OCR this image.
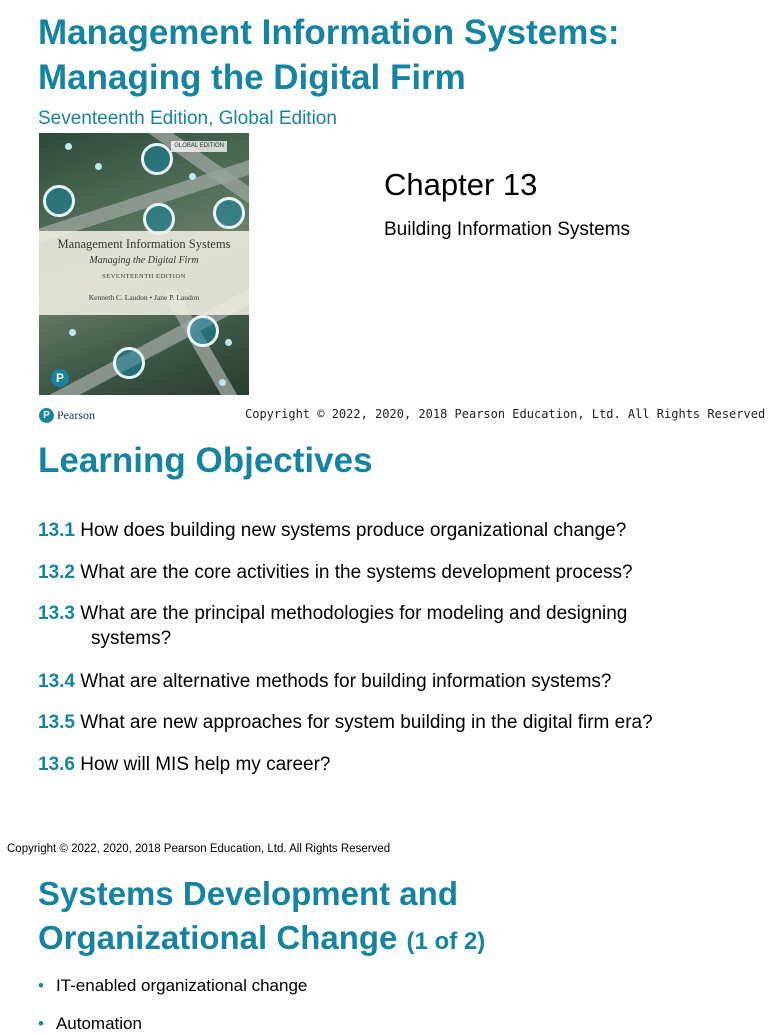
Management Information Systems:
Managing the Digital Firm
Seventeenth Edition, Global Edition
GLOBAL EDITION
Management Information Systems
Managing the Digital Firm
SEVENTEENTH EDITION
Kenneth C. Laudon • Jane P. Laudon
P
Chapter 13
Building Information Systems
P Pearson	Copyright © 2022, 2020, 2018 Pearson Education, Ltd. All Rights Reserved
Learning Objectives
13.1 How does building new systems produce organizational change?
13.2 What are the core activities in the systems development process?
13.3 What are the principal methodologies for modeling and designing
systems?
13.4 What are alternative methods for building information systems?
13.5 What are new approaches for system building in the digital firm era?
13.6 How will MIS help my career?
Copyright © 2022, 2020, 2018 Pearson Education, Ltd. All Rights Reserved
Systems Development and
Organizational Change (1 of 2)
• IT-enabled organizational change
• Automation
